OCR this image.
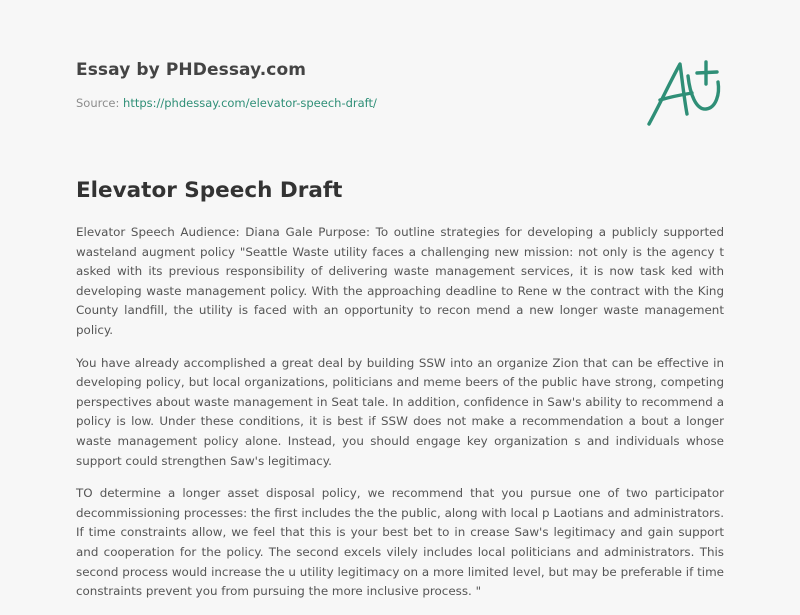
Essay by PHDessay.com
Source: https://phdessay.com/elevator-speech-draft/
Elevator Speech Draft

Elevator Speech Audience: Diana Gale Purpose: To outline strategies for developing a publicly supported wasteland augment policy "Seattle Waste utility faces a challenging new mission: not only is the agency t asked with its previous responsibility of delivering waste management services, it is now task ked with developing waste management policy. With the approaching deadline to Rene w the contract with the King County landfill, the utility is faced with an opportunity to recon mend a new longer waste management policy.

You have already accomplished a great deal by building SSW into an organize Zion that can be effective in developing policy, but local organizations, politicians and meme beers of the public have strong, competing perspectives about waste management in Seat tale. In addition, confidence in Saw's ability to recommend a policy is low. Under these conditions, it is best if SSW does not make a recommendation a bout a longer waste management policy alone. Instead, you should engage key organization s and individuals whose support could strengthen Saw's legitimacy.

TO determine a longer asset disposal policy, we recommend that you pursue one of two participator decommissioning processes: the first includes the the public, along with local p Laotians and administrators. If time constraints allow, we feel that this is your best bet to in crease Saw's legitimacy and gain support and cooperation for the policy. The second excels vilely includes local politicians and administrators. This second process would increase the u utility legitimacy on a more limited level, but may be preferable if time constraints prevent you from pursuing the more inclusive process. "
